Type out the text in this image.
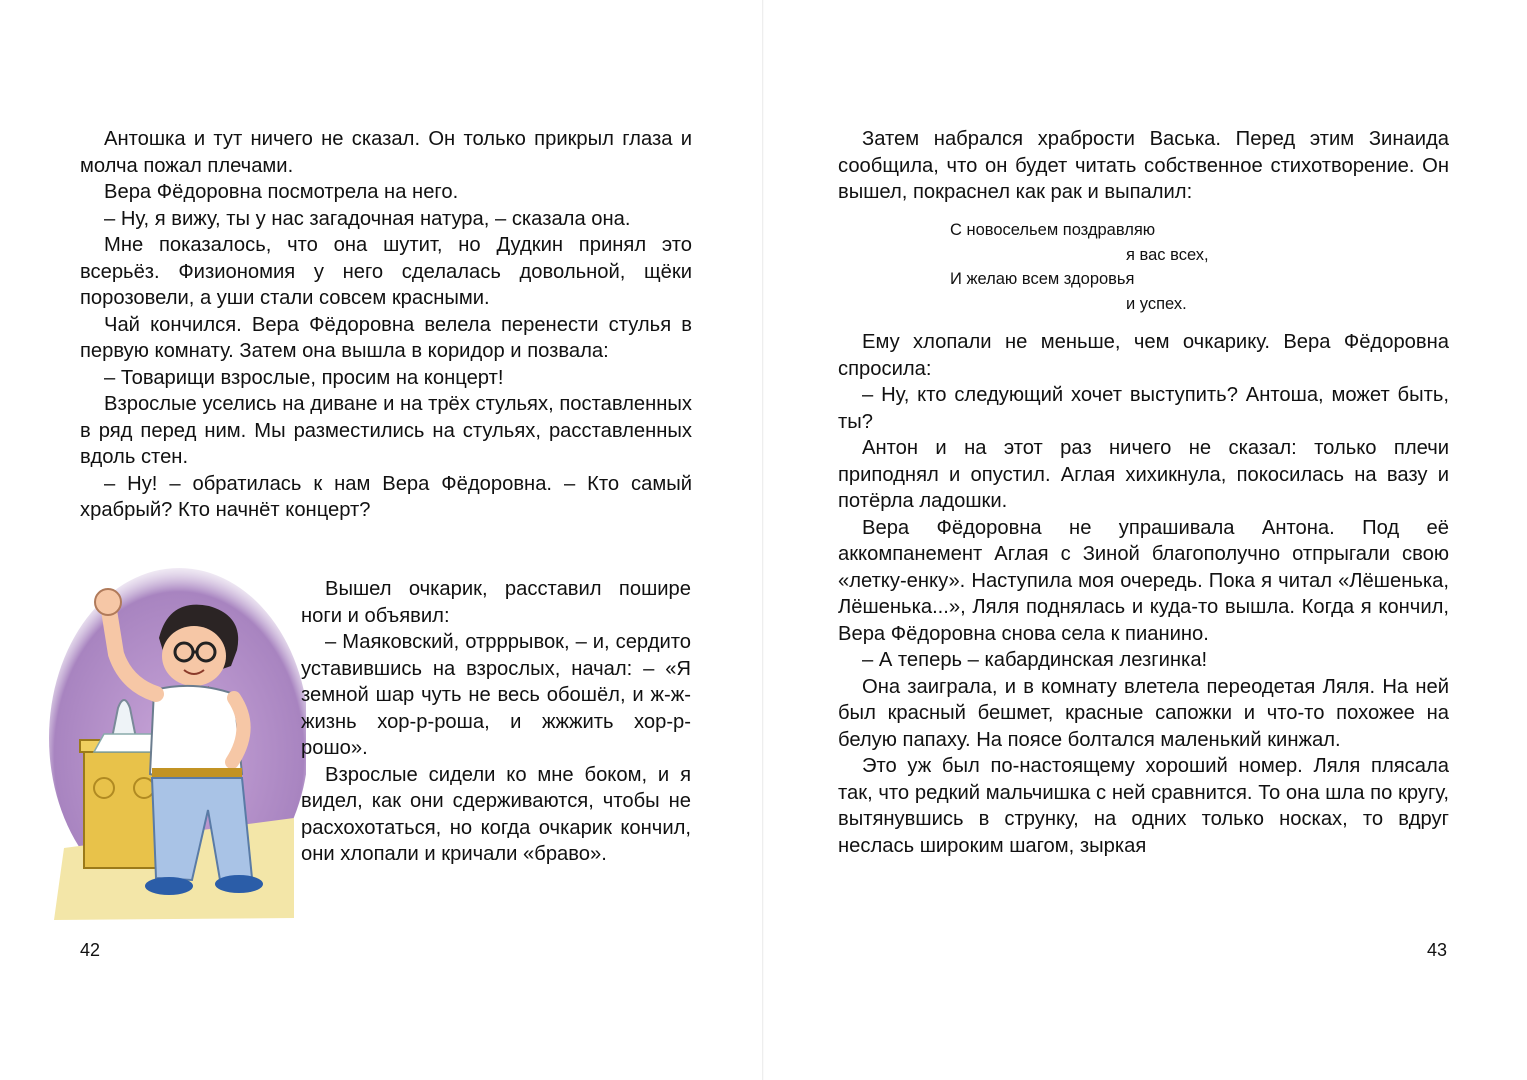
Антошка и тут ничего не сказал. Он только прикрыл глаза и молча пожал плечами.

Вера Фёдоровна посмотрела на него.

– Ну, я вижу, ты у нас загадочная натура, – сказала она.

Мне показалось, что она шутит, но Дудкин принял это всерьёз. Физиономия у него сделалась довольной, щёки порозовели, а уши стали совсем красными.

Чай кончился. Вера Фёдоровна велела перенести стулья в первую комнату. Затем она вышла в коридор и позвала:

– Товарищи взрослые, просим на концерт!

Взрослые уселись на диване и на трёх стульях, поставленных в ряд перед ним. Мы разместились на стульях, расставленных вдоль стен.

– Ну! – обратилась к нам Вера Фёдоровна. – Кто самый храбрый? Кто начнёт концерт?

Вышел очкарик, расставил пошире ноги и объявил:

– Маяковский, отрррывок, – и, сердито уставившись на взрослых, начал: – «Я земной шар чуть не весь обошёл, и ж-ж-жизнь хор-р-роша, и жжжить хор-р-рошо».

Взрослые сидели ко мне боком, и я видел, как они сдерживаются, чтобы не расхохотаться, но когда очкарик кончил, они хлопали и кричали «браво».

42

Затем набрался храбрости Васька. Перед этим Зинаида сообщила, что он будет читать собственное стихотворение. Он вышел, покраснел как рак и выпалил:

С новосельем поздравляю
я вас всех,
И желаю всем здоровья
и успех.

Ему хлопали не меньше, чем очкарику. Вера Фёдоровна спросила:

– Ну, кто следующий хочет выступить? Антоша, может быть, ты?

Антон и на этот раз ничего не сказал: только плечи приподнял и опустил. Аглая хихикнула, покосилась на вазу и потёрла ладошки.

Вера Фёдоровна не упрашивала Антона. Под её аккомпанемент Аглая с Зиной благополучно отпрыгали свою «летку-енку». Наступила моя очередь. Пока я читал «Лёшенька, Лёшенька...», Ляля поднялась и куда-то вышла. Когда я кончил, Вера Фёдоровна снова села к пианино.

– А теперь – кабардинская лезгинка!

Она заиграла, и в комнату влетела переодетая Ляля. На ней был красный бешмет, красные сапожки и что-то похожее на белую папаху. На поясе болтался маленький кинжал.

Это уж был по-настоящему хороший номер. Ляля плясала так, что редкий мальчишка с ней сравнится. То она шла по кругу, вытянувшись в струнку, на одних только носках, то вдруг неслась широким шагом, зыркая

43
